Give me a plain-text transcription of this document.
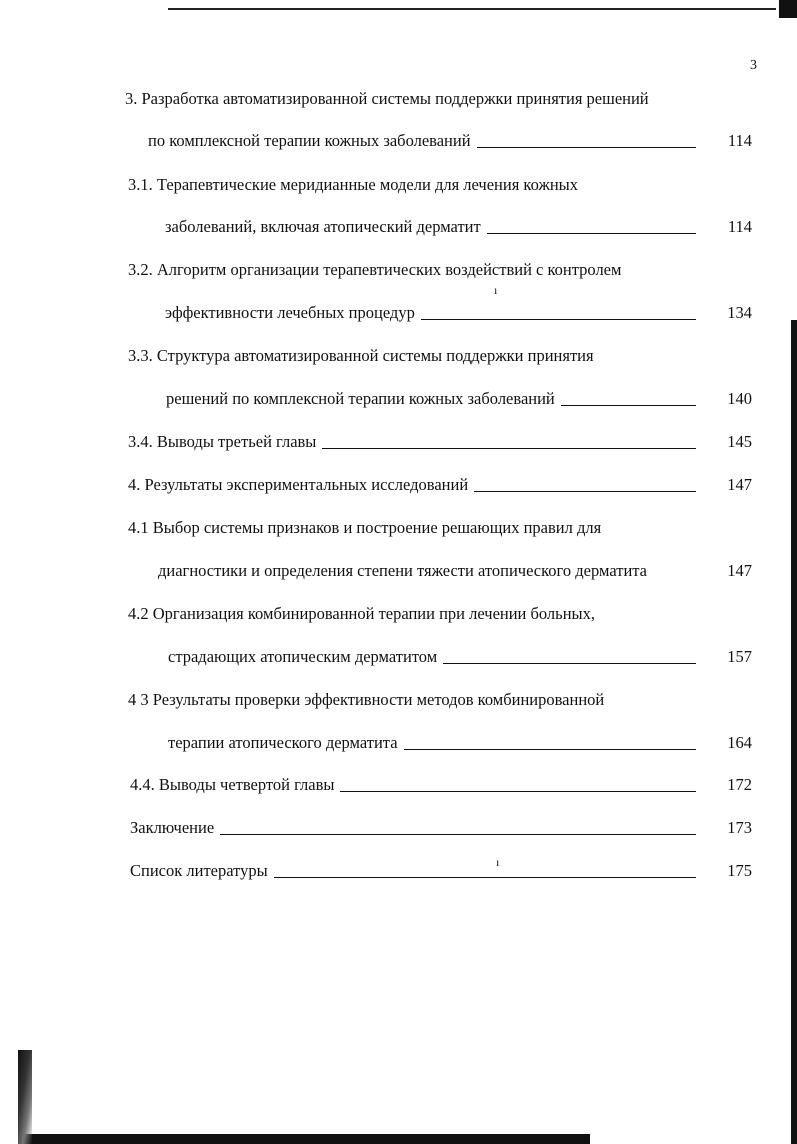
3
3. Разработка автоматизированной системы поддержки принятия решений
по комплексной терапии кожных заболеваний	114
3.1. Терапевтические меридианные модели для лечения кожных
заболеваний, включая атопический дерматит	114
3.2. Алгоритм организации терапевтических воздействий с контролем
эффективности лечебных процедур	134
3.3. Структура автоматизированной системы поддержки принятия
решений по комплексной терапии кожных заболеваний	140
3.4. Выводы третьей главы	145
4. Результаты экспериментальных исследований	147
4.1 Выбор системы признаков и построение решающих правил для
диагностики и определения степени тяжести атопического дерматита	147
4.2 Организация комбинированной терапии при лечении больных,
страдающих атопическим дерматитом	157
4 3 Результаты проверки эффективности методов комбинированной
терапии атопического дерматита	164
4.4. Выводы четвертой главы	172
Заключение	173
Список литературы	175
ı
ı
